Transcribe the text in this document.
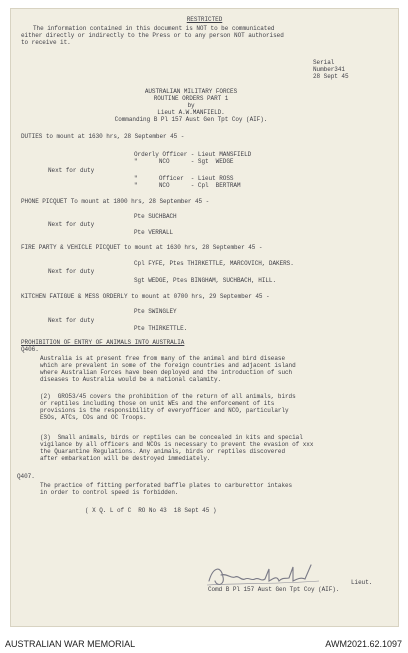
RESTRICTED
The information contained in this document is NOT to be communicated
either directly or indirectly to the Press or to any person NOT authorised
to receive it.
Serial
Number341
28 Sept 45
AUSTRALIAN MILITARY FORCES
ROUTINE ORDERS PART 1
by
Lieut A.W.MANFIELD.
Commanding B Pl 157 Aust Gen Tpt Coy (AIF).
DUTIES to mount at 1630 hrs, 28 September 45 -
Orderly Officer - Lieut MANSFIELD
"      NCO      - Sgt  WEDGE
Next for duty
"      Officer  - Lieut ROSS
"      NCO      - Cpl  BERTRAM
PHONE PICQUET To mount at 1800 hrs, 28 September 45 -
Pte SUCHBACH
Next for duty
Pte VERRALL
FIRE PARTY & VEHICLE PICQUET to mount at 1630 hrs, 28 September 45 -
Cpl FYFE, Ptes THIRKETTLE, MARCOVICH, DAKERS.
Next for duty
Sgt WEDGE, Ptes BINGHAM, SUCHBACH, HILL.
KITCHEN FATIGUE & MESS ORDERLY to mount at 0700 hrs, 29 September 45 -
Pte SWINGLEY
Next for duty
Pte THIRKETTLE.
PROHIBITION OF ENTRY OF ANIMALS INTO AUSTRALIA
Q406.
Australia is at present free from many of the animal and bird disease
which are prevalent in some of the foreign countries and adjacent island
where Australian Forces have been deployed and the introduction of such
diseases to Australia would be a national calamity.
(2)  GRO53/45 covers the prohibition of the return of all animals, birds
or reptiles including those on unit WEs and the enforcement of its
provisions is the responsibility of everyofficer and NCO, particularly
ESOs, ATCs, COs and OC Troops.
(3)  Small animals, birds or reptiles can be concealed in kits and special
vigilance by all officers and NCOs is necessary to prevent the evasion of xxx
the Quarantine Regulations. Any animals, birds or reptiles discovered
after embarkation will be destroyed immediately.
Q407.
The practice of fitting perforated baffle plates to carburettor intakes
in order to control speed is forbidden.
( X Q. L of C  RO No 43  18 Sept 45 )
Lieut.
Comd B Pl 157 Aust Gen Tpt Coy (AIF).
AUSTRALIAN WAR MEMORIAL	AWM2021.62.1097
